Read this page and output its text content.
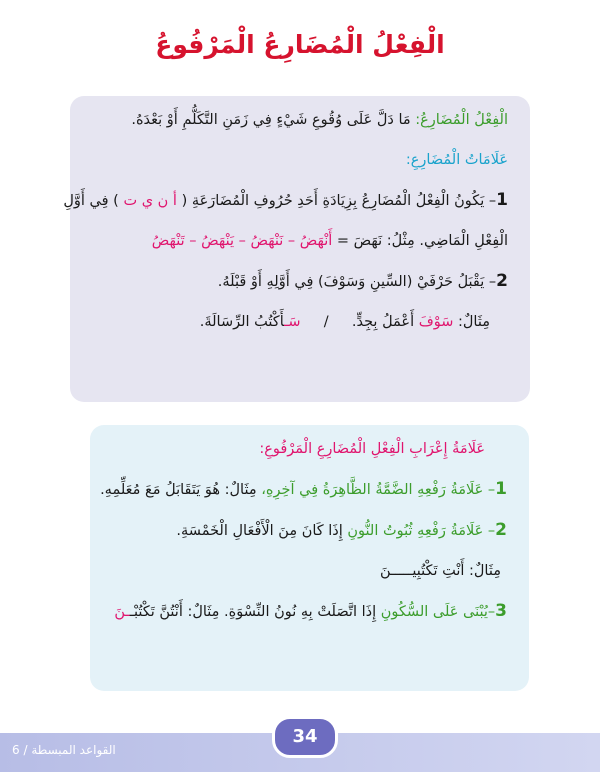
الْفِعْلُ الْمُضَارِعُ الْمَرْفُوعُ
الْفِعْلُ الْمُضَارِعُ: مَا دَلَّ عَلَى وُقُوعِ شَيْءٍ فِي زَمَنِ التَّكَلُّمِ أَوْ بَعْدَهُ.
عَلَامَاتُ الْمُضَارِعِ:
1– يَكُونُ الْفِعْلُ الْمُضَارِعُ بِزِيَادَةِ أَحَدِ حُرُوفِ الْمُضَارَعَةِ ( أ ن ي ت ) فِي أَوَّلِ
الْفِعْلِ الْمَاضِي. مِثْلُ: نَهَضَ = أَنْهَضُ – نَنْهَضُ – يَنْهَضُ – تَنْهَضُ
2– يَقْبَلُ حَرْفَيْ (السِّينِ وَسَوْفَ) فِي أَوَّلِهِ أَوْ قَبْلَهُ.
مِثَالٌ: سَوْفَ أَعْمَلُ بِجِدٍّ.  /  سَـأَكْتُبُ الرِّسَالَةَ.
عَلَامَةُ إِعْرَابِ الْفِعْلِ الْمُضَارِعِ الْمَرْفُوعِ:
1– عَلَامَةُ رَفْعِهِ الضَّمَّةُ الظَّاهِرَةُ فِي آخِرِهِ، مِثَالٌ: هُوَ يَتَقَابَلُ مَعَ مُعَلِّمِهِ.
2– عَلَامَةُ رَفْعِهِ ثُبُوتُ النُّونِ إِذَا كَانَ مِنَ الْأَفْعَالِ الْخَمْسَةِ.
مِثَالٌ: أَنْتِ تَكْتُبِيـــــنَ
3–يُبْنَى عَلَى السُّكُونِ إِذَا اتَّصَلَتْ بِهِ نُونُ النِّسْوَةِ. مِثَالٌ: أَنْتُنَّ تَكْتُبْــنَ
القواعد المبسطة / 6
34
